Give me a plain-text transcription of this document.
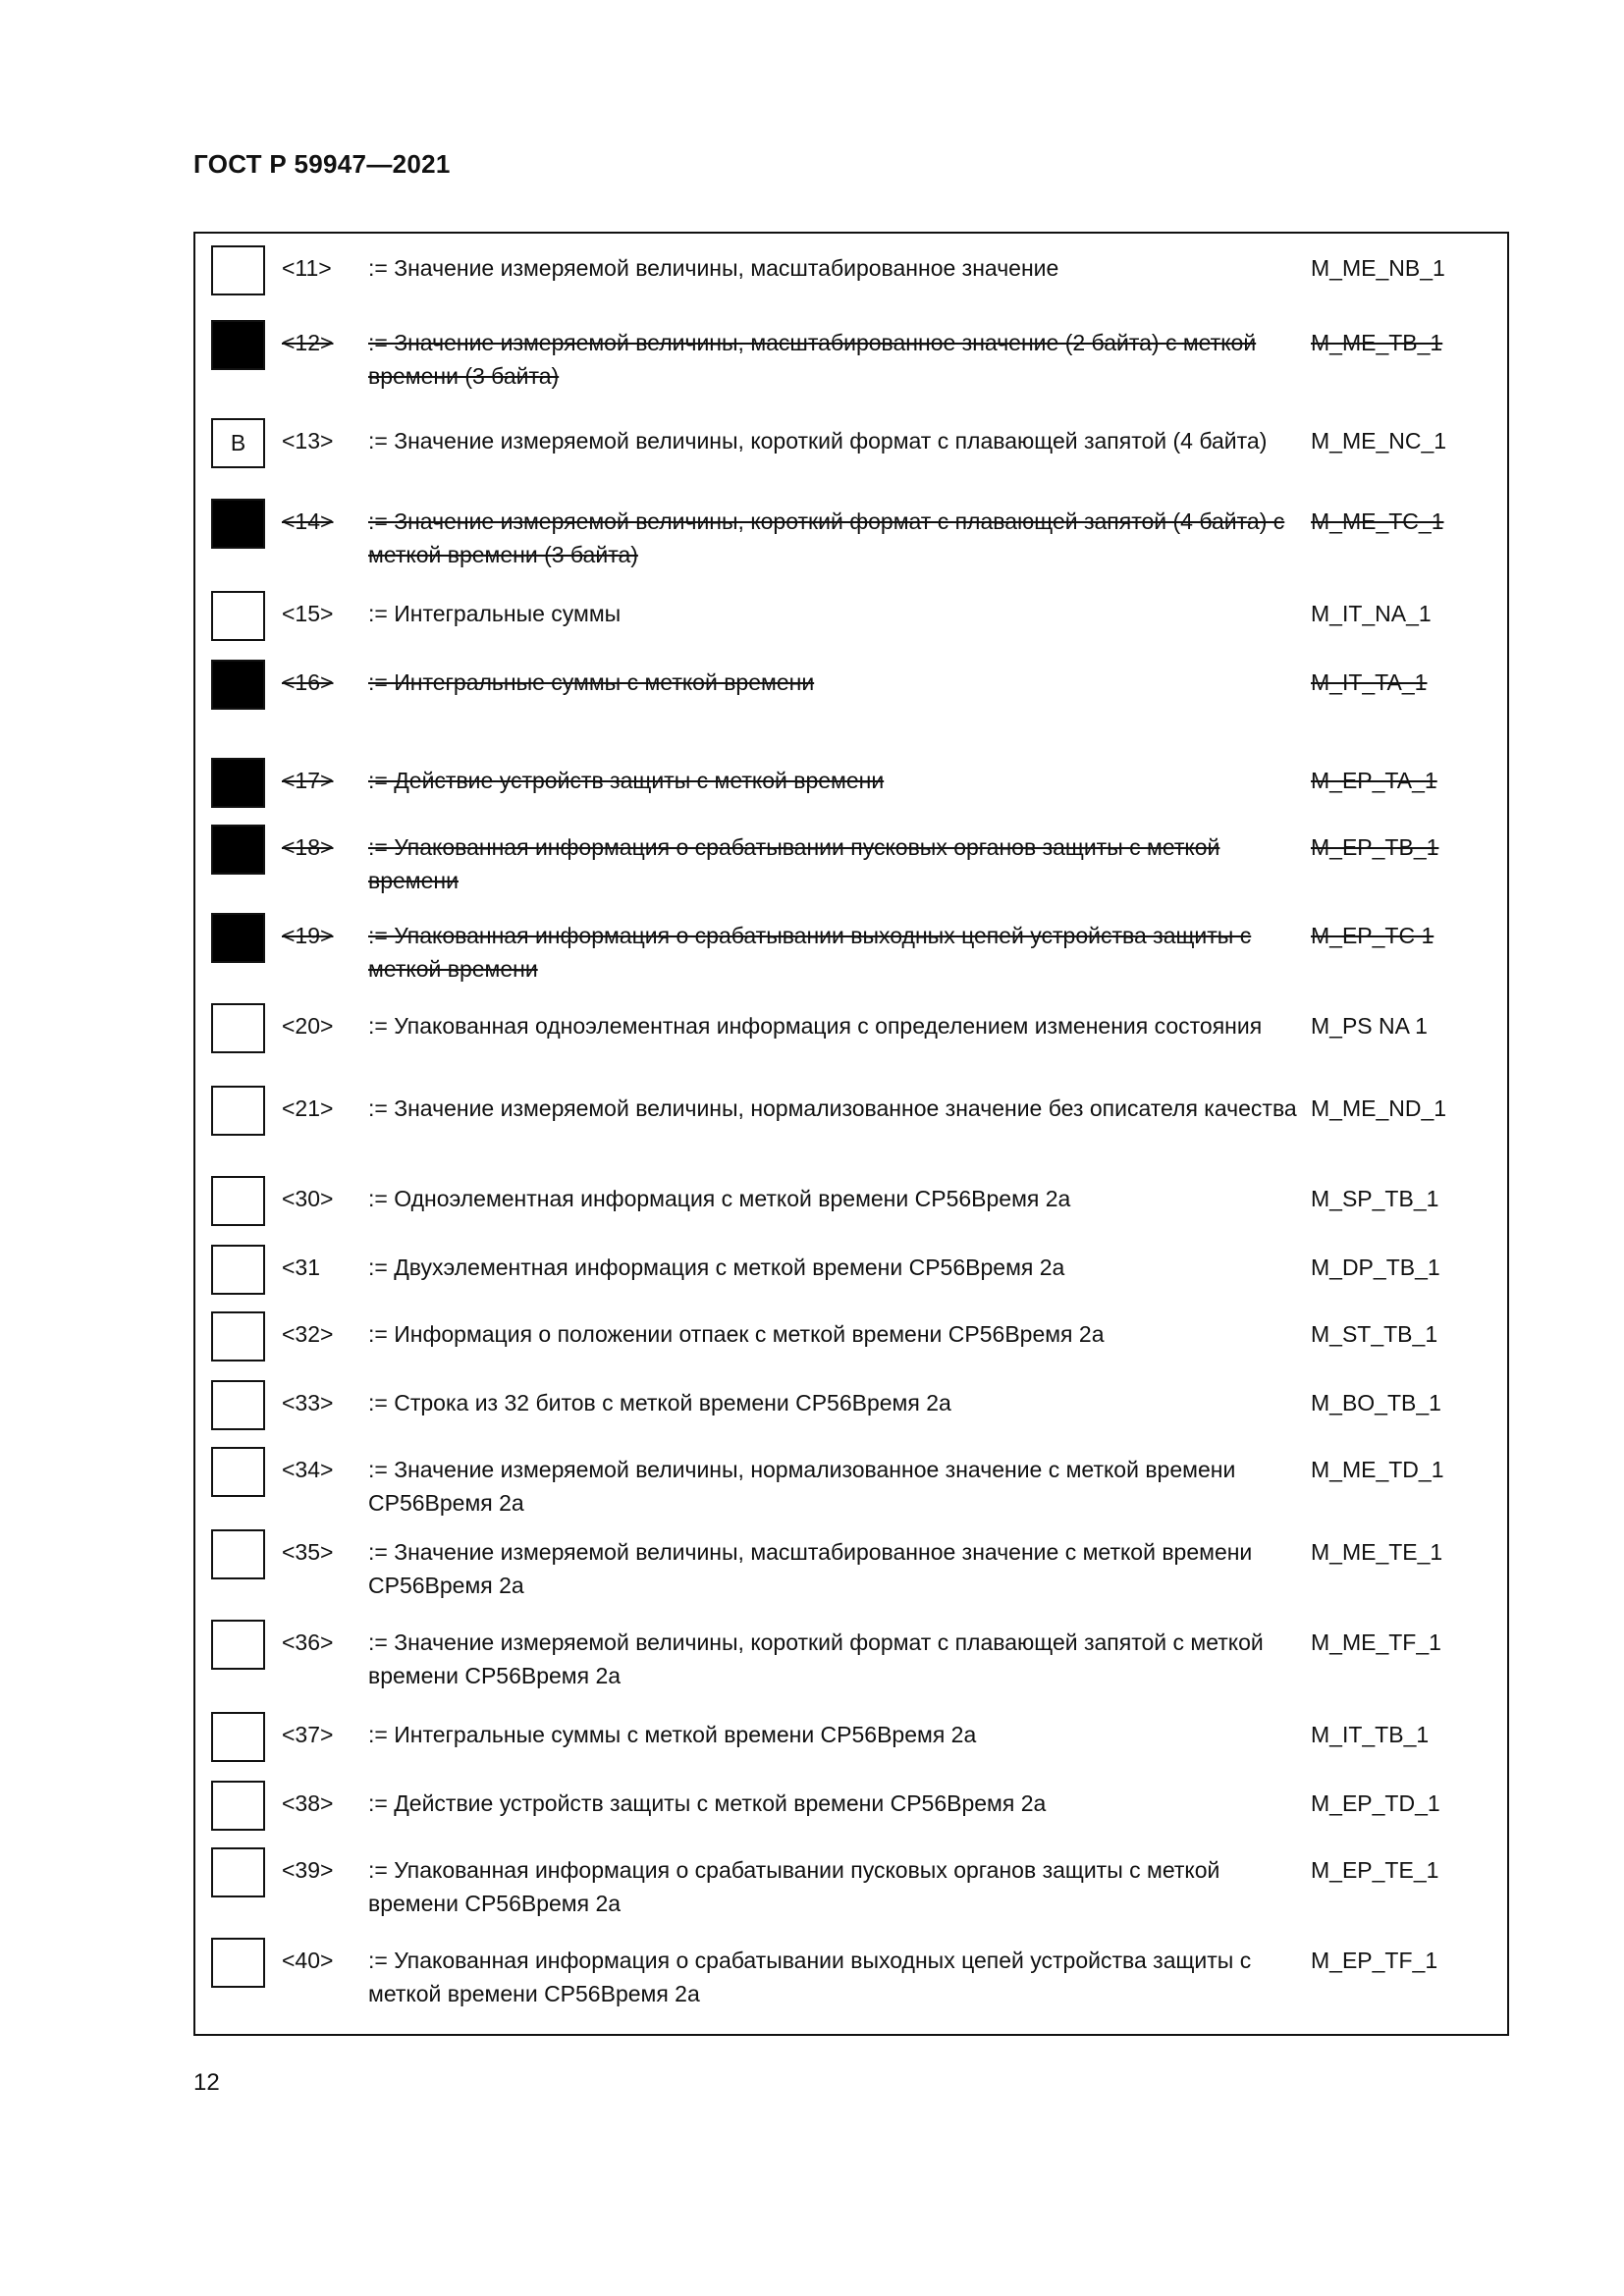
ГОСТ Р 59947—2021
<11> := Значение измеряемой величины, масштабированное значение	M_ME_NB_1
<12> := Значение измеряемой величины, масштабированное значение (2 байта) с меткой времени (3 байта)
M_ME_TB_1
B	<13> := Значение измеряемой величины, короткий формат с плавающей запятой (4 байта)	M_ME_NC_1
<14> := Значение измеряемой величины, короткий формат с плавающей запятой (4 байта) с меткой времени (3 байта)
M_ME_TC_1
<15> := Интегральные суммы	M_IT_NA_1
<16> := Интегральные суммы с меткой времени	M_IT_TA_1
<17> := Действие устройств защиты с меткой времени	M_EP_TA_1
<18> := Упакованная информация о срабатывании пусковых органов защиты с меткой времени
M_EP_TB_1
<19> := Упакованная информация о срабатывании выходных цепей устройства защиты с меткой времени
M_EP_TC 1
<20> := Упакованная одноэлементная информация с определением изменения состояния	M_PS NA 1
<21> := Значение измеряемой величины, нормализованное значение без описателя качества M_ME_ND_1
<30> := Одноэлементная информация с меткой времени СР56Время 2а	M_SP_TB_1
<31 := Двухэлементная информация с меткой времени СР56Время 2а	M_DP_TB_1
<32> := Информация о положении отпаек с меткой времени СР56Время 2а	M_ST_TB_1
<33> := Строка из 32 битов с меткой времени СР56Время 2а	M_BO_TB_1
<34> := Значение измеряемой величины, нормализованное значение с меткой времени СР56Время 2а
M_ME_TD_1
<35> := Значение измеряемой величины, масштабированное значение с меткой времени СР56Время 2а
M_ME_TE_1
<36> := Значение измеряемой величины, короткий формат с плавающей запятой с меткой времени СР56Время 2а
M_ME_TF_1
<37> := Интегральные суммы с меткой времени СР56Время 2а	M_IT_TB_1
<38> := Действие устройств защиты с меткой времени СР56Время 2а	M_EP_TD_1
<39> := Упакованная информация о срабатывании пусковых органов защиты с меткой времени СР56Время 2а
M_EP_TE_1
<40> := Упакованная информация о срабатывании выходных цепей устройства защиты с меткой времени СР56Время 2а
M_EP_TF_1
12
